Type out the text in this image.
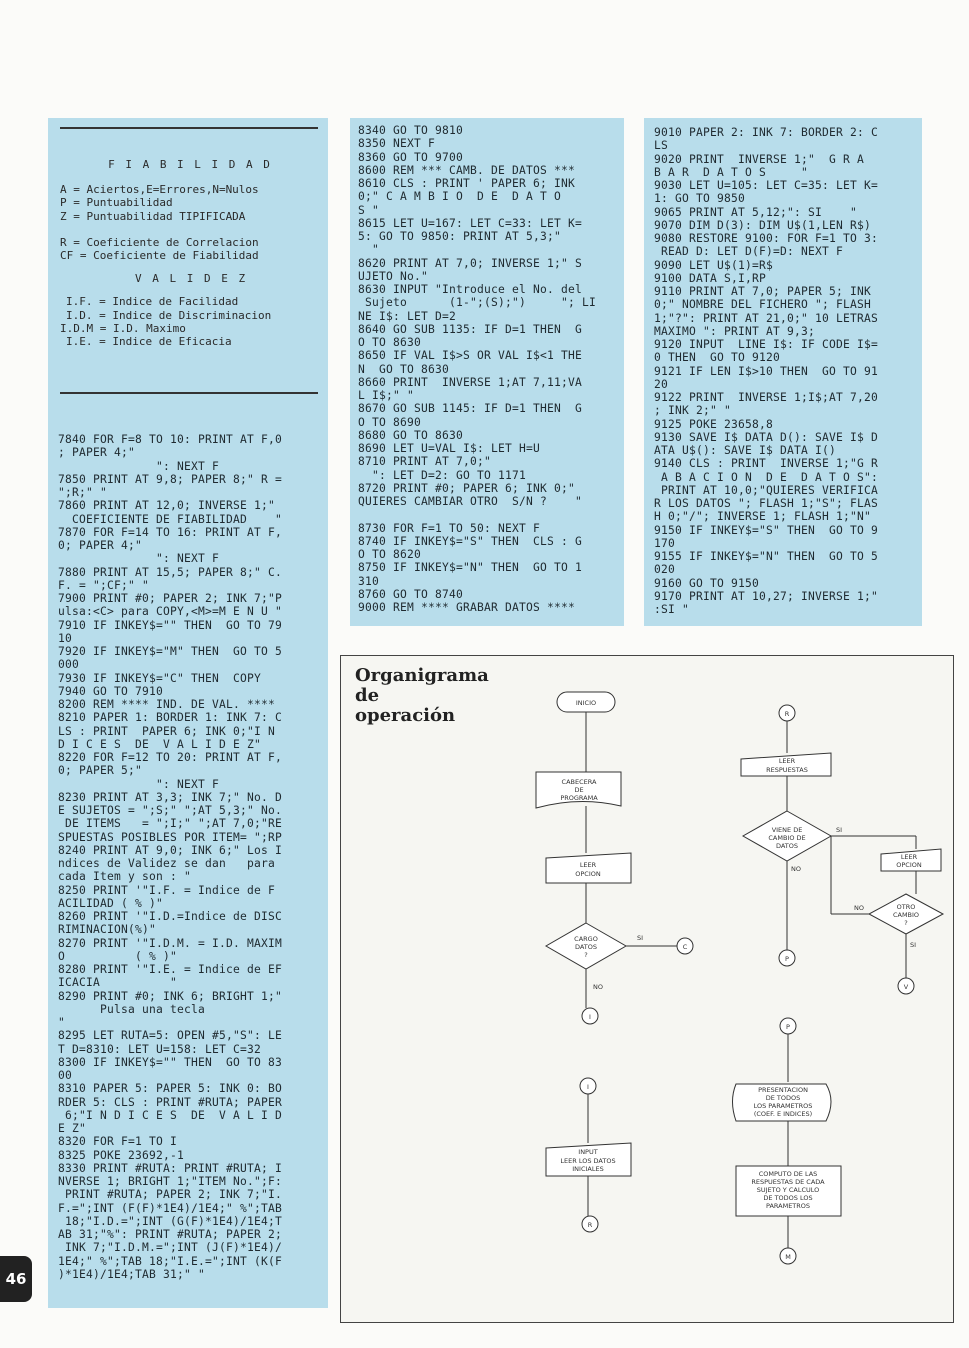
F I A B I L I D A D
A = Aciertos,E=Errores,N=Nulos
P = Puntuabilidad
Z = Puntuabilidad TIPIFICADA
R = Coeficiente de Correlacion
CF = Coeficiente de Fiabilidad
V A L I D E Z
I.F. = Indice de Facilidad
I.D. = Indice de Discriminacion
I.D.M = I.D. Maximo
I.E. = Indice de Eficacia
7840 FOR F=8 TO 10: PRINT AT F,0
; PAPER 4;"
": NEXT F
7850 PRINT AT 9,8; PAPER 8;" R =
";R;" "
7860 PRINT AT 12,0; INVERSE 1;"
COEFICIENTE DE FIABILIDAD    "
7870 FOR F=14 TO 16: PRINT AT F,
0; PAPER 4;"
": NEXT F
7880 PRINT AT 15,5; PAPER 8;" C.
F. = ";CF;" "
7900 PRINT #0; PAPER 2; INK 7;"P
ulsa:<C> para COPY,<M>=M E N U "
7910 IF INKEY$="" THEN  GO TO 79
10
7920 IF INKEY$="M" THEN  GO TO 5
000
7930 IF INKEY$="C" THEN  COPY
7940 GO TO 7910
8200 REM **** IND. DE VAL. ****
8210 PAPER 1: BORDER 1: INK 7: C
LS : PRINT  PAPER 6; INK 0;"I N
D I C E S  DE  V A L I D E Z"
8220 FOR F=12 TO 20: PRINT AT F,
0; PAPER 5;"
": NEXT F
8230 PRINT AT 3,3; INK 7;" No. D
E SUJETOS = ";S;" ";AT 5,3;" No.
DE ITEMS   = ";I;" ";AT 7,0;"RE
SPUESTAS POSIBLES POR ITEM= ";RP
8240 PRINT AT 9,0; INK 6;" Los I
ndices de Validez se dan   para
cada Item y son : "
8250 PRINT '"I.F. = Indice de F
ACILIDAD ( % )"
8260 PRINT '"I.D.=Indice de DISC
RIMINACION(%)"
8270 PRINT '"I.D.M. = I.D. MAXIM
O          ( % )"
8280 PRINT '"I.E. = Indice de EF
ICACIA          "
8290 PRINT #0; INK 6; BRIGHT 1;"
Pulsa una tecla
"
8295 LET RUTA=5: OPEN #5,"S": LE
T D=8310: LET U=158: LET C=32
8300 IF INKEY$="" THEN  GO TO 83
00
8310 PAPER 5: PAPER 5: INK 0: BO
RDER 5: CLS : PRINT #RUTA; PAPER
6;"I N D I C E S  DE  V A L I D
E Z"
8320 FOR F=1 TO I
8325 POKE 23692,-1
8330 PRINT #RUTA: PRINT #RUTA; I
NVERSE 1; BRIGHT 1;"ITEM No.";F:
PRINT #RUTA; PAPER 2; INK 7;"I.
F.=";INT (F(F)*1E4)/1E4;" %";TAB
18;"I.D.=";INT (G(F)*1E4)/1E4;T
AB 31;"%": PRINT #RUTA; PAPER 2;
INK 7;"I.D.M.=";INT (J(F)*1E4)/
1E4;" %";TAB 18;"I.E.=";INT (K(F
)*1E4)/1E4;TAB 31;" "
8340 GO TO 9810
8350 NEXT F
8360 GO TO 9700
8600 REM *** CAMB. DE DATOS ***
8610 CLS : PRINT ' PAPER 6; INK
0;" C A M B I O  D E  D A T O
S "
8615 LET U=167: LET C=33: LET K=
5: GO TO 9850: PRINT AT 5,3;"
"
8620 PRINT AT 7,0; INVERSE 1;" S
UJETO No."
8630 INPUT "Introduce el No. del
Sujeto      (1-";(S);")     "; LI
NE I$: LET D=2
8640 GO SUB 1135: IF D=1 THEN  G
O TO 8630
8650 IF VAL I$>S OR VAL I$<1 THE
N  GO TO 8630
8660 PRINT  INVERSE 1;AT 7,11;VA
L I$;" "
8670 GO SUB 1145: IF D=1 THEN  G
O TO 8690
8680 GO TO 8630
8690 LET U=VAL I$: LET H=U
8710 PRINT AT 7,0;"
": LET D=2: GO TO 1171
8720 PRINT #0; PAPER 6; INK 0;"
QUIERES CAMBIAR OTRO  S/N ?    "

8730 FOR F=1 TO 50: NEXT F
8740 IF INKEY$="S" THEN  CLS : G
O TO 8620
8750 IF INKEY$="N" THEN  GO TO 1
310
8760 GO TO 8740
9000 REM **** GRABAR DATOS ****
9010 PAPER 2: INK 7: BORDER 2: C
LS
9020 PRINT  INVERSE 1;"  G R A
B A R  D A T O S     "
9030 LET U=105: LET C=35: LET K=
1: GO TO 9850
9065 PRINT AT 5,12;": SI    "
9070 DIM D(3): DIM U$(1,LEN R$)
9080 RESTORE 9100: FOR F=1 TO 3:
READ D: LET D(F)=D: NEXT F
9090 LET U$(1)=R$
9100 DATA S,I,RP
9110 PRINT AT 7,0; PAPER 5; INK
0;" NOMBRE DEL FICHERO "; FLASH
1;"?": PRINT AT 21,0;" 10 LETRAS
MAXIMO ": PRINT AT 9,3;
9120 INPUT  LINE I$: IF CODE I$=
0 THEN  GO TO 9120
9121 IF LEN I$>10 THEN  GO TO 91
20
9122 PRINT  INVERSE 1;I$;AT 7,20
; INK 2;" "
9125 POKE 23658,8
9130 SAVE I$ DATA D(): SAVE I$ D
ATA U$(): SAVE I$ DATA I()
9140 CLS : PRINT  INVERSE 1;"G R
A B A C I O N  D E  D A T O S":
PRINT AT 10,0;"QUIERES VERIFICA
R LOS DATOS "; FLASH 1;"S"; FLAS
H 0;"/"; INVERSE 1; FLASH 1;"N"
9150 IF INKEY$="S" THEN  GO TO 9
170
9155 IF INKEY$="N" THEN  GO TO 5
020
9160 GO TO 9150
9170 PRINT AT 10,27; INVERSE 1;"
:SI "
Organigrama
de
operación
INICIO
CABECERA
DE
PROGRAMA
LEER
OPCION
CARGO
DATOS
?
SI
NO
C
I
I
INPUT
LEER LOS DATOS
INICIALES
R
R
LEER
RESPUESTAS
VIENE DE
CAMBIO DE
DATOS
SI
NO
LEER
OPCION
OTRO
CAMBIO
?
NO
SI
V
P
P
PRESENTACION
DE TODOS
LOS PARAMETROS
(COEF. E INDICES)
COMPUTO DE LAS
RESPUESTAS DE CADA
SUJETO Y CALCULO
DE TODOS LOS
PARAMETROS
M
46
